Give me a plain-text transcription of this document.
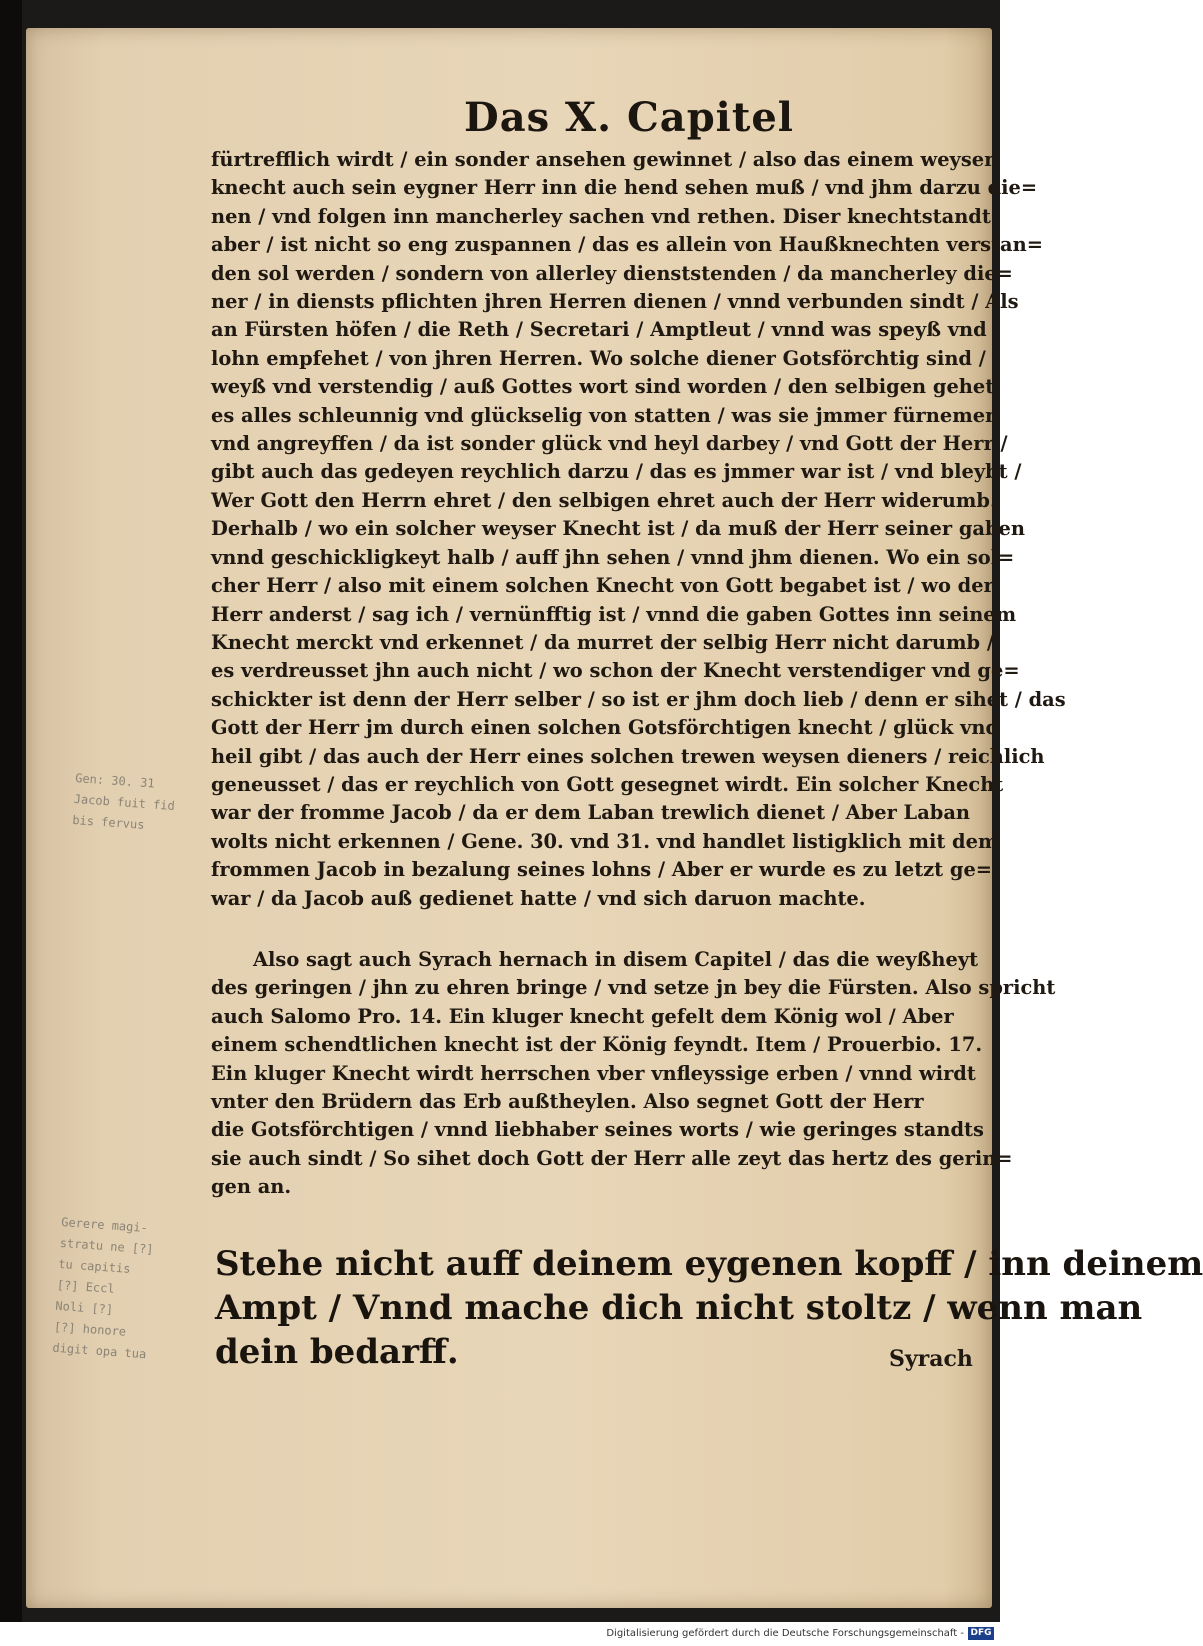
Das X. Capitel
fürtrefflich wirdt / ein sonder ansehen gewinnet / also das einem weysen
knecht auch sein eygner Herr inn die hend sehen muß / vnd jhm darzu die=
nen / vnd folgen inn mancherley sachen vnd rethen. Diser knechtstandt
aber / ist nicht so eng zuspannen / das es allein von Haußknechten verstan=
den sol werden / sondern von allerley dienststenden / da mancherley die=
ner / in diensts pflichten jhren Herren dienen / vnnd verbunden sindt / Als
an Fürsten höfen / die Reth / Secretari / Amptleut / vnnd was speyß vnd
lohn empfehet / von jhren Herren. Wo solche diener Gotsförchtig sind /
weyß vnd verstendig / auß Gottes wort sind worden / den selbigen gehet
es alles schleunnig vnd glückselig von statten / was sie jmmer fürnemen
vnd angreyffen / da ist sonder glück vnd heyl darbey / vnd Gott der Herr /
gibt auch das gedeyen reychlich darzu / das es jmmer war ist / vnd bleybt /
Wer Gott den Herrn ehret / den selbigen ehret auch der Herr widerumb.
Derhalb / wo ein solcher weyser Knecht ist / da muß der Herr seiner gaben
vnnd geschickligkeyt halb / auff jhn sehen / vnnd jhm dienen. Wo ein sol=
cher Herr / also mit einem solchen Knecht von Gott begabet ist / wo der
Herr anderst / sag ich / vernünfftig ist / vnnd die gaben Gottes inn seinem
Knecht merckt vnd erkennet / da murret der selbig Herr nicht darumb /
es verdreusset jhn auch nicht / wo schon der Knecht verstendiger vnd ge=
schickter ist denn der Herr selber / so ist er jhm doch lieb / denn er sihet / das
Gott der Herr jm durch einen solchen Gotsförchtigen knecht / glück vnd
heil gibt / das auch der Herr eines solchen trewen weysen dieners / reichlich
geneusset / das er reychlich von Gott gesegnet wirdt. Ein solcher Knecht
war der fromme Jacob / da er dem Laban trewlich dienet / Aber Laban
wolts nicht erkennen / Gene. 30. vnd 31. vnd handlet listigklich mit dem
frommen Jacob in bezalung seines lohns / Aber er wurde es zu letzt ge=
war / da Jacob auß gedienet hatte / vnd sich daruon machte.
Also sagt auch Syrach hernach in disem Capitel / das die weyßheyt
des geringen / jhn zu ehren bringe / vnd setze jn bey die Fürsten. Also spricht
auch Salomo Pro. 14. Ein kluger knecht gefelt dem König wol / Aber
einem schendtlichen knecht ist der König feyndt. Item / Prouerbio. 17.
Ein kluger Knecht wirdt herrschen vber vnfleyssige erben / vnnd wirdt
vnter den Brüdern das Erb außtheylen. Also segnet Gott der Herr
die Gotsförchtigen / vnnd liebhaber seines worts / wie geringes standts
sie auch sindt / So sihet doch Gott der Herr alle zeyt das hertz des gerin=
gen an.
Stehe nicht auff deinem eygenen kopff / inn deinem
Ampt / Vnnd mache dich nicht stoltz / wenn man
dein bedarff.	Syrach
Gen: 30. 31
Jacob fuit fid
bis fervus
Gerere magi-
stratu ne [?]
tu capitis
[?] Eccl
Noli [?]
[?] honore
digit opa tua
Digitalisierung gefördert durch die Deutsche Forschungsgemeinschaft - DFG
